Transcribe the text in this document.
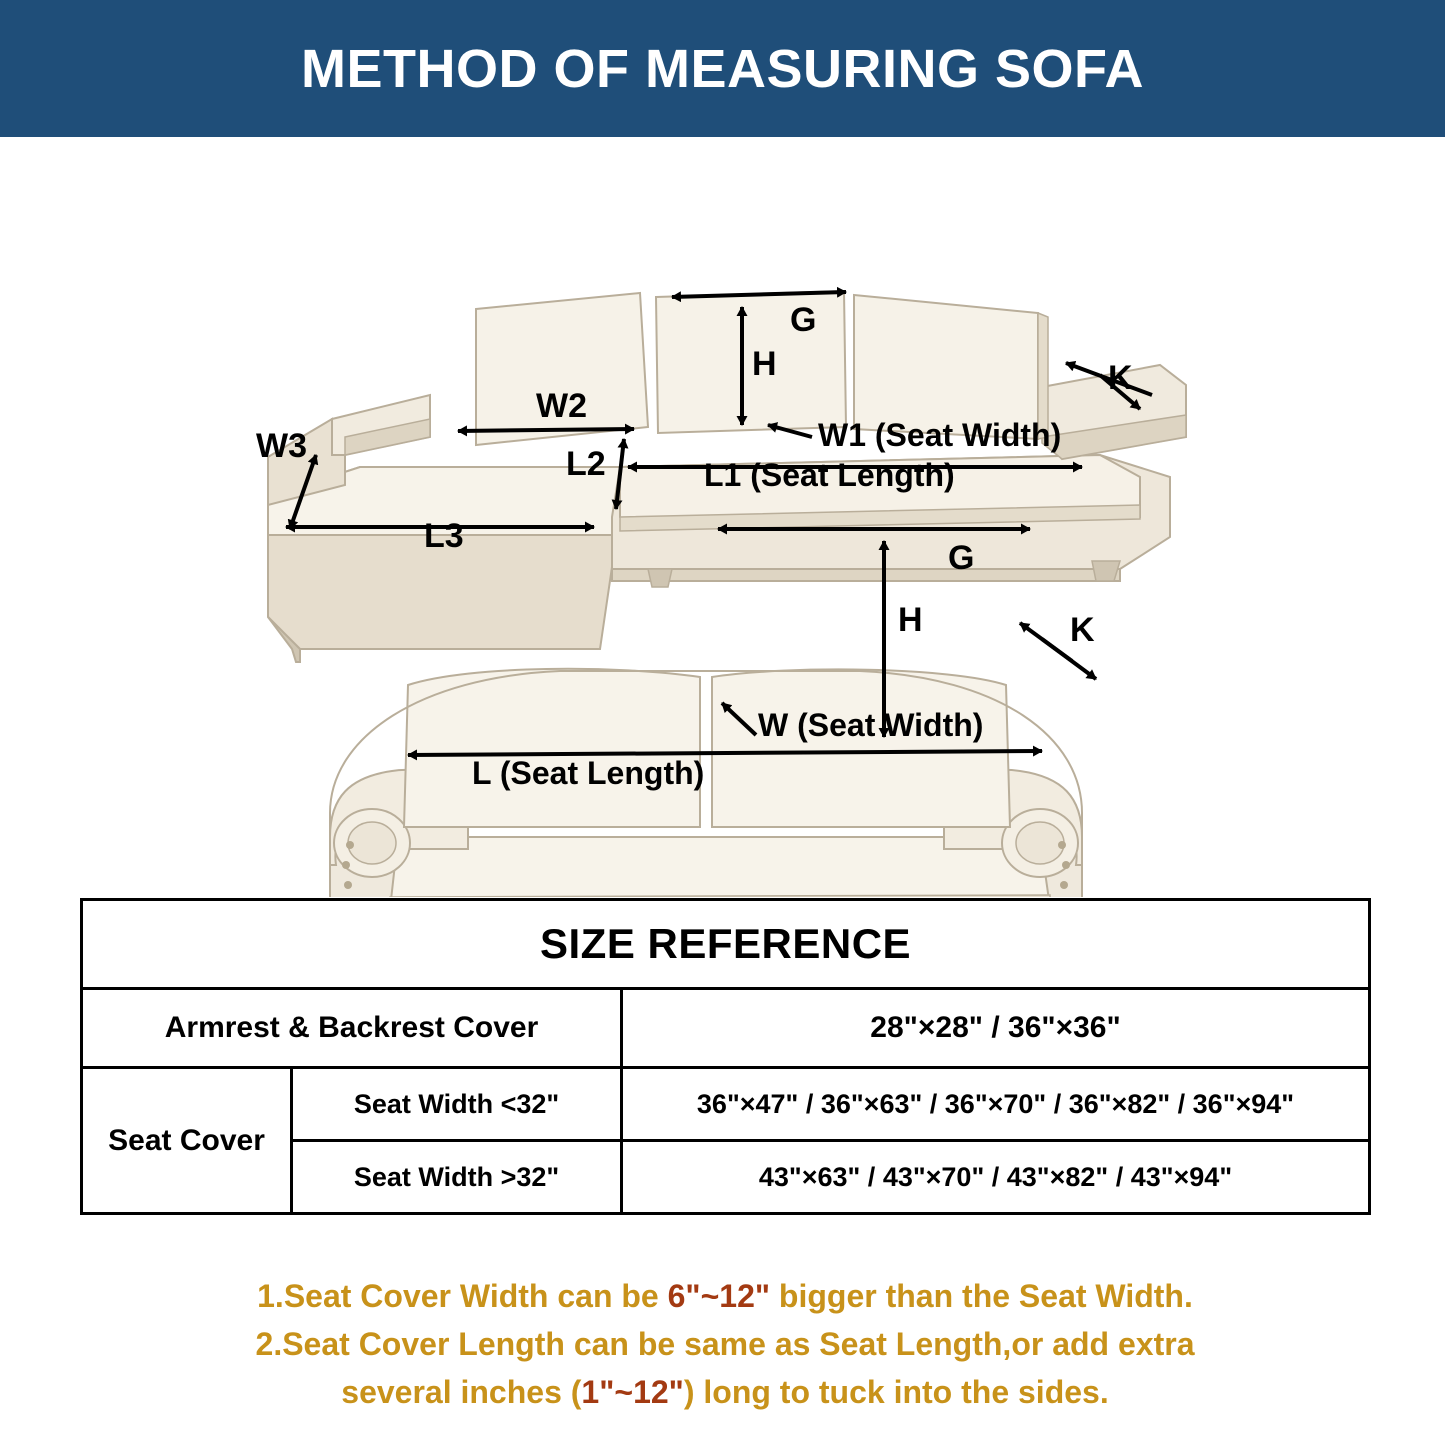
METHOD OF MEASURING SOFA
G
H	K
W2
W3	L2
L3
W1 (Seat Width)
L1 (Seat Length)
G
H	K
W (Seat Width)
L (Seat Length)
SIZE REFERENCE		
Armrest & Backrest Cover		28"×28" / 36"×36"
Seat Cover	Seat Width <32"	36"×47" / 36"×63" / 36"×70" / 36"×82" / 36"×94"
	Seat Width >32"	43"×63" / 43"×70" / 43"×82" / 43"×94"
1.Seat Cover Width can be 6"~12" bigger than the Seat Width.
2.Seat Cover Length can be same as Seat Length,or add extra
several inches (1"~12") long to tuck into the sides.
